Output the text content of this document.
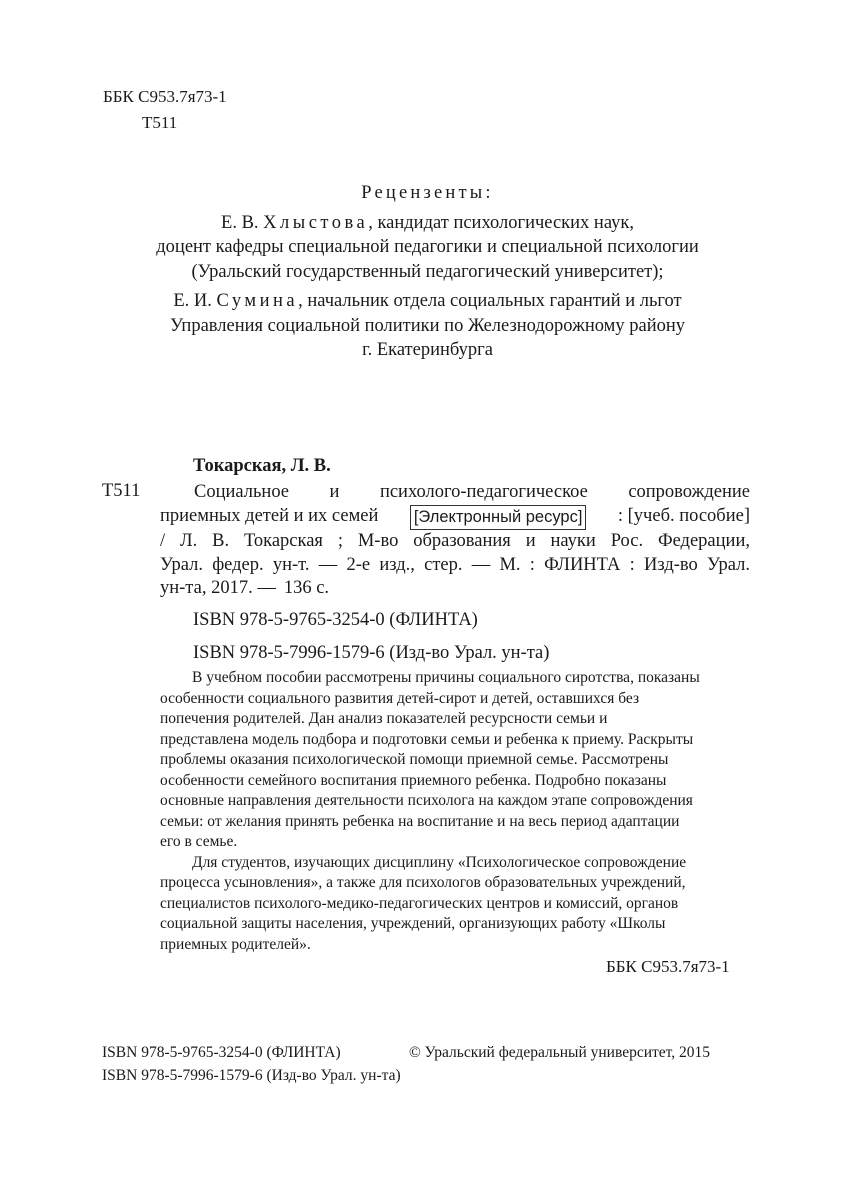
ББК С953.7я73-1
Т511
Рецензенты:
Е. В. Хлыстова, кандидат психологических наук,
доцент кафедры специальной педагогики и специальной психологии
(Уральский государственный педагогический университет);
Е. И. Сумина, начальник отдела социальных гарантий и льгот
Управления социальной политики по Железнодорожному району
г. Екатеринбурга
Токарская, Л. В.
Т511	Социальное и психолого-педагогическое сопровождение
приемных детей и их семей [Электронный ресурс] : [учеб. пособие]
/ Л. В. Токарская ; М-во образования и науки Рос. Федерации,
Урал. федер. ун-т. — 2-е изд., стер. — М. : ФЛИНТА : Изд-во Урал.
ун-та, 2017. — 136 с.
ISBN 978-5-9765-3254-0 (ФЛИНТА)
ISBN 978-5-7996-1579-6 (Изд-во Урал. ун-та)
В учебном пособии рассмотрены причины социального сиротства, показаны
особенности социального развития детей-сирот и детей, оставшихся без
попечения родителей. Дан анализ показателей ресурсности семьи и
представлена модель подбора и подготовки семьи и ребенка к приему. Раскрыты
проблемы оказания психологической помощи приемной семье. Рассмотрены
особенности семейного воспитания приемного ребенка. Подробно показаны
основные направления деятельности психолога на каждом этапе сопровождения
семьи: от желания принять ребенка на воспитание и на весь период адаптации
его в семье.
Для студентов, изучающих дисциплину «Психологическое сопровождение
процесса усыновления», а также для психологов образовательных учреждений,
специалистов психолого-медико-педагогических центров и комиссий, органов
социальной защиты населения, учреждений, организующих работу «Школы
приемных родителей».
ББК С953.7я73-1
ISBN 978-5-9765-3254-0 (ФЛИНТА)
ISBN 978-5-7996-1579-6 (Изд-во Урал. ун-та)
© Уральский федеральный университет, 2015
